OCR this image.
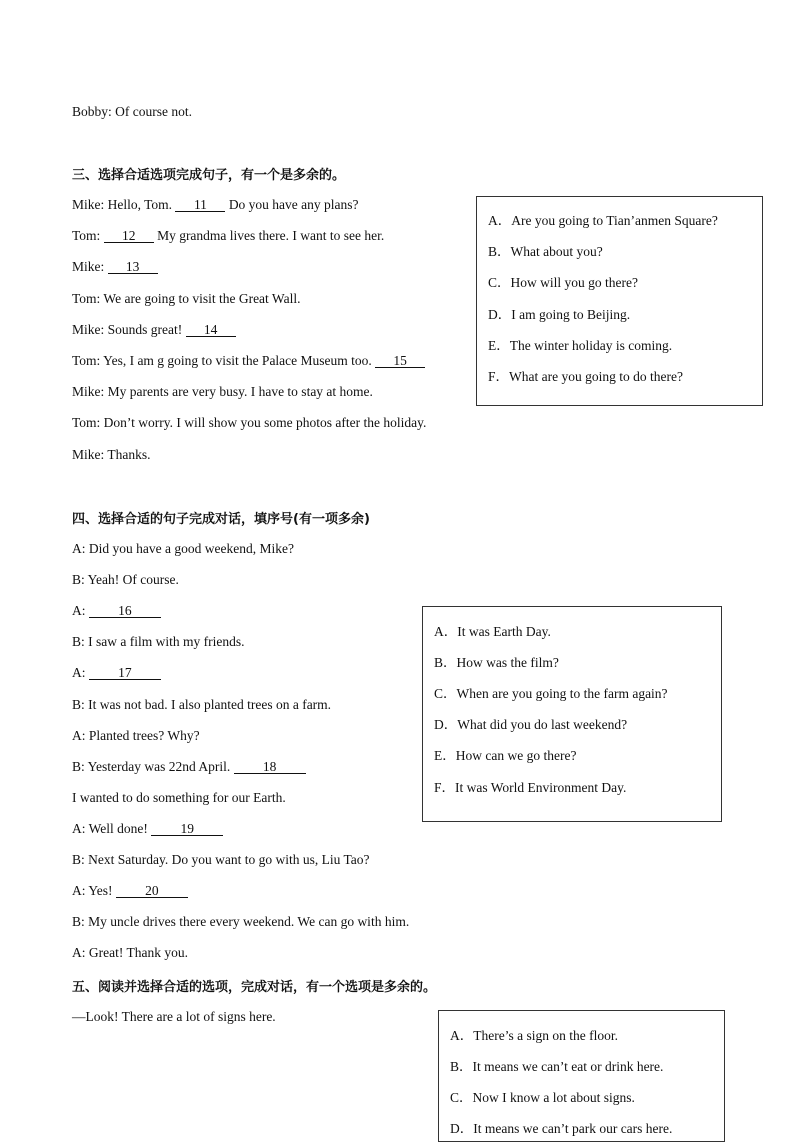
Bobby: Of course not.
三、选择合适选项完成句子，有一个是多余的。
Mike: Hello, Tom. 11 Do you have any plans?
Tom: 12 My grandma lives there. I want to see her.
Mike: 13
Tom: We are going to visit the Great Wall.
Mike: Sounds great! 14
Tom: Yes, I am g going to visit the Palace Museum too. 15
Mike: My parents are very busy. I have to stay at home.
Tom: Don’t worry. I will show you some photos after the holiday.
Mike: Thanks.
A．Are you going to Tian’anmen Square?
B．What about you?
C．How will you go there?
D．I am going to Beijing.
E．The winter holiday is coming.
F．What are you going to do there?
四、选择合适的句子完成对话，填序号(有一项多余)
A: Did you have a good weekend, Mike?
B: Yeah! Of course.
A: 16
B: I saw a film with my friends.
A: 17
B: It was not bad. I also planted trees on a farm.
A: Planted trees? Why?
B: Yesterday was 22nd April. 18
I wanted to do something for our Earth.
A: Well done! 19
B: Next Saturday. Do you want to go with us, Liu Tao?
A: Yes! 20
B: My uncle drives there every weekend. We can go with him.
A: Great! Thank you.
A．It was Earth Day.
B．How was the film?
C．When are you going to the farm again?
D．What did you do last weekend?
E．How can we go there?
F．It was World Environment Day.
五、阅读并选择合适的选项，完成对话，有一个选项是多余的。
—Look! There are a lot of signs here.
A．There’s a sign on the floor.
B．It means we can’t eat or drink here.
C．Now I know a lot about signs.
D．It means we can’t park our cars here.
